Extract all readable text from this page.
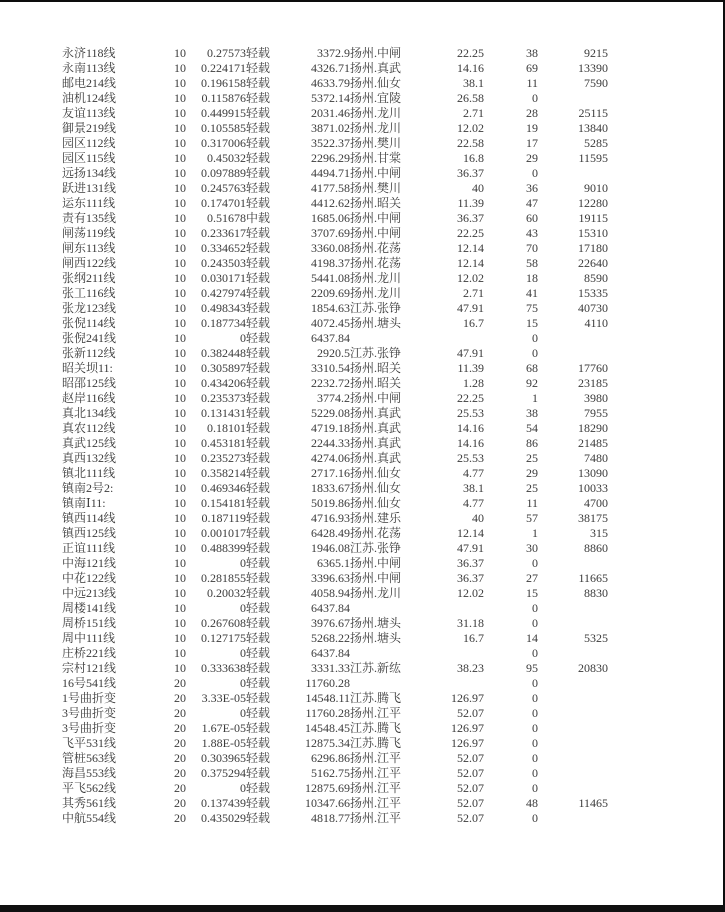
永济118线	10	0.27573	轻载	3372.9	扬州.中闸	22.25	38	9215
永南113线	10	0.224171	轻载	4326.71	扬州.真武	14.16	69	13390
邮电214线	10	0.196158	轻载	4633.79	扬州.仙女	38.1	11	7590
油机124线	10	0.115876	轻载	5372.14	扬州.宜陵	26.58	0	
友谊113线	10	0.449915	轻载	2031.46	扬州.龙川	2.71	28	25115
御景219线	10	0.105585	轻载	3871.02	扬州.龙川	12.02	19	13840
园区112线	10	0.317006	轻载	3522.37	扬州.樊川	22.58	17	5285
园区115线	10	0.45032	轻载	2296.29	扬州.甘棠	16.8	29	11595
远扬134线	10	0.097889	轻载	4494.71	扬州.中闸	36.37	0	
跃进131线	10	0.245763	轻载	4177.58	扬州.樊川	40	36	9010
运东111线	10	0.174701	轻载	4412.62	扬州.昭关	11.39	47	12280
责有135线	10	0.51678	中载	1685.06	扬州.中闸	36.37	60	19115
闸荡119线	10	0.233617	轻载	3707.69	扬州.中闸	22.25	43	15310
闸东113线	10	0.334652	轻载	3360.08	扬州.花荡	12.14	70	17180
闸西122线	10	0.243503	轻载	4198.37	扬州.花荡	12.14	58	22640
张纲211线	10	0.030171	轻载	5441.08	扬州.龙川	12.02	18	8590
张工116线	10	0.427974	轻载	2209.69	扬州.龙川	2.71	41	15335
张龙123线	10	0.498343	轻载	1854.63	江苏.张铮	47.91	75	40730
张倪114线	10	0.187734	轻载	4072.45	扬州.塘头	16.7	15	4110
张倪241线	10	0	轻载	6437.84			0	
张新112线	10	0.382448	轻载	2920.5	江苏.张铮	47.91	0	
昭关坝11:	10	0.305897	轻载	3310.54	扬州.昭关	11.39	68	17760
昭邵125线	10	0.434206	轻载	2232.72	扬州.昭关	1.28	92	23185
赵岸116线	10	0.235373	轻载	3774.2	扬州.中闸	22.25	1	3980
真北134线	10	0.131431	轻载	5229.08	扬州.真武	25.53	38	7955
真农112线	10	0.18101	轻载	4719.18	扬州.真武	14.16	54	18290
真武125线	10	0.453181	轻载	2244.33	扬州.真武	14.16	86	21485
真西132线	10	0.235273	轻载	4274.06	扬州.真武	25.53	25	7480
镇北111线	10	0.358214	轻载	2717.16	扬州.仙女	4.77	29	13090
镇南2号2:	10	0.469346	轻载	1833.67	扬州.仙女	38.1	25	10033
镇南Ⅰ11:	10	0.154181	轻载	5019.86	扬州.仙女	4.77	11	4700
镇西114线	10	0.187119	轻载	4716.93	扬州.建乐	40	57	38175
镇西125线	10	0.001017	轻载	6428.49	扬州.花荡	12.14	1	315
正谊111线	10	0.488399	轻载	1946.08	江苏.张铮	47.91	30	8860
中海121线	10	0	轻载	6365.1	扬州.中闸	36.37	0	
中花122线	10	0.281855	轻载	3396.63	扬州.中闸	36.37	27	11665
中远213线	10	0.20032	轻载	4058.94	扬州.龙川	12.02	15	8830
周楼141线	10	0	轻载	6437.84			0	
周桥151线	10	0.267608	轻载	3976.67	扬州.塘头	31.18	0	
周中111线	10	0.127175	轻载	5268.22	扬州.塘头	16.7	14	5325
庄桥221线	10	0	轻载	6437.84			0	
宗村121线	10	0.333638	轻载	3331.33	江苏.新纮	38.23	95	20830
16号541线	20	0	轻载	11760.28			0	
1号曲折变	20	3.33E-05	轻载	14548.11	江苏.腾飞	126.97	0	
3号曲折变	20	0	轻载	11760.28	扬州.江平	52.07	0	
3号曲折变	20	1.67E-05	轻载	14548.45	江苏.腾飞	126.97	0	
飞平531线	20	1.88E-05	轻载	12875.34	江苏.腾飞	126.97	0	
管桩563线	20	0.303965	轻载	6296.86	扬州.江平	52.07	0	
海昌553线	20	0.375294	轻载	5162.75	扬州.江平	52.07	0	
平飞562线	20	0	轻载	12875.69	扬州.江平	52.07	0	
其秀561线	20	0.137439	轻载	10347.66	扬州.江平	52.07	48	11465
中航554线	20	0.435029	轻载	4818.77	扬州.江平	52.07	0	
